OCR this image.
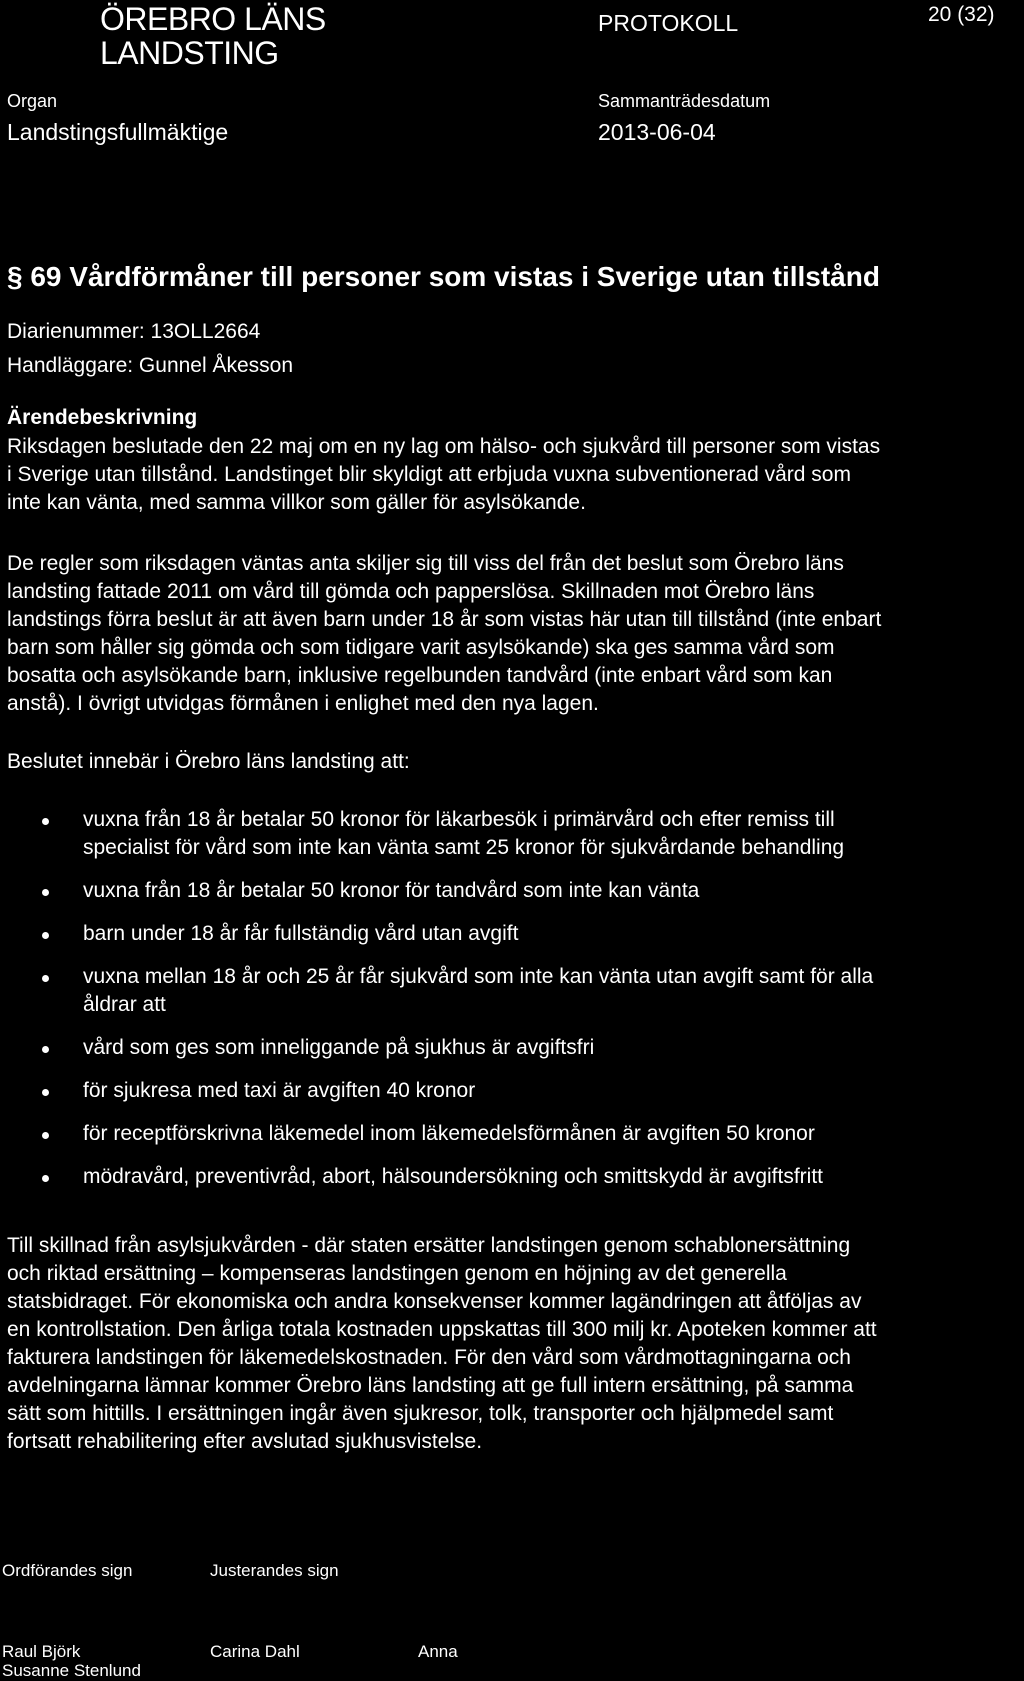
ÖREBRO LÄNS
LANDSTING
PROTOKOLL	20 (32)
Organ
Landstingsfullmäktige
Sammanträdesdatum
2013-06-04
§ 69 Vårdförmåner till personer som vistas i Sverige utan tillstånd
Diarienummer: 13OLL2664
Handläggare: Gunnel Åkesson
Ärendebeskrivning
Riksdagen beslutade den 22 maj om en ny lag om hälso- och sjukvård till personer som vistas
i Sverige utan tillstånd. Landstinget blir skyldigt att erbjuda vuxna subventionerad vård som
inte kan vänta, med samma villkor som gäller för asylsökande.
De regler som riksdagen väntas anta skiljer sig till viss del från det beslut som Örebro läns
landsting fattade 2011 om vård till gömda och papperslösa. Skillnaden mot Örebro läns
landstings förra beslut är att även barn under 18 år som vistas här utan till tillstånd (inte enbart
barn som håller sig gömda och som tidigare varit asylsökande) ska ges samma vård som
bosatta och asylsökande barn, inklusive regelbunden tandvård (inte enbart vård som kan
anstå). I övrigt utvidgas förmånen i enlighet med den nya lagen.
Beslutet innebär i Örebro läns landsting att:
vuxna från 18 år betalar 50 kronor för läkarbesök i primärvård och efter remiss till
specialist för vård som inte kan vänta samt 25 kronor för sjukvårdande behandling
vuxna från 18 år betalar 50 kronor för tandvård som inte kan vänta
barn under 18 år får fullständig vård utan avgift
vuxna mellan 18 år och 25 år får sjukvård som inte kan vänta utan avgift samt för alla
åldrar att
vård som ges som inneliggande på sjukhus är avgiftsfri
för sjukresa med taxi är avgiften 40 kronor
för receptförskrivna läkemedel inom läkemedelsförmånen är avgiften 50 kronor
mödravård, preventivråd, abort, hälsoundersökning och smittskydd är avgiftsfritt
Till skillnad från asylsjukvården - där staten ersätter landstingen genom schablonersättning
och riktad ersättning – kompenseras landstingen genom en höjning av det generella
statsbidraget. För ekonomiska och andra konsekvenser kommer lagändringen att åtföljas av
en kontrollstation. Den årliga totala kostnaden uppskattas till 300 milj kr. Apoteken kommer att
fakturera landstingen för läkemedelskostnaden. För den vård som vårdmottagningarna och
avdelningarna lämnar kommer Örebro läns landsting att ge full intern ersättning, på samma
sätt som hittills. I ersättningen ingår även sjukresor, tolk, transporter och hjälpmedel samt
fortsatt rehabilitering efter avslutad sjukhusvistelse.
Ordförandes sign	Justerandes sign
Raul Björk	Carina Dahl	Anna
Susanne Stenlund
